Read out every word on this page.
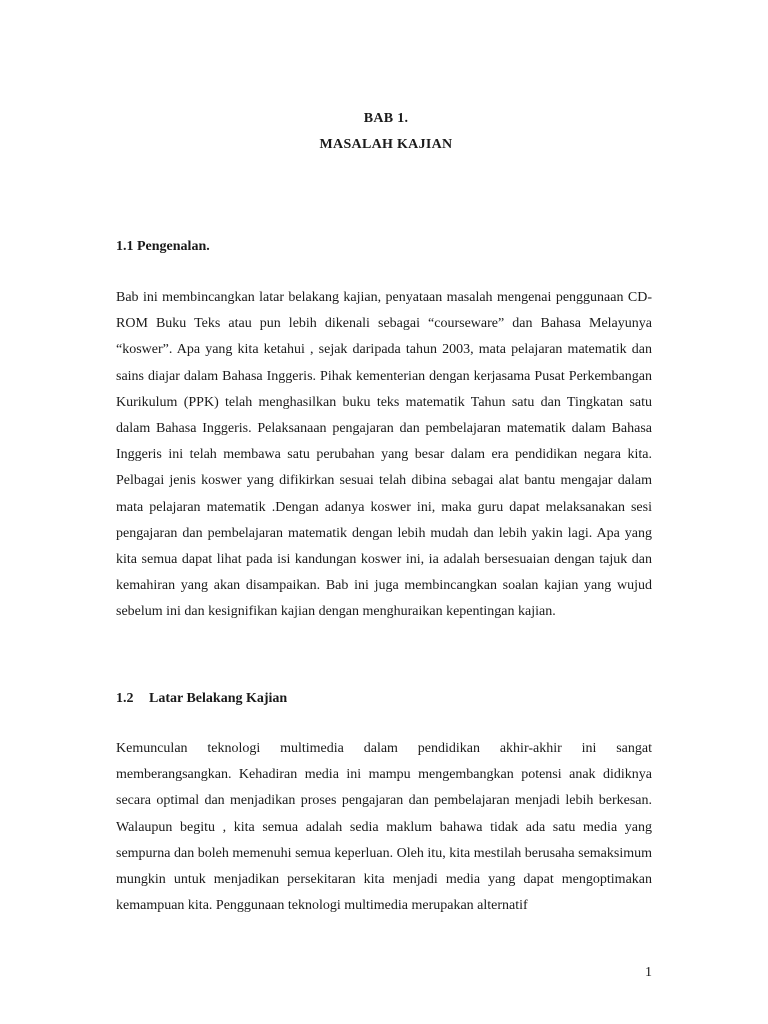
BAB 1.
MASALAH KAJIAN
1.1 Pengenalan.

Bab ini membincangkan latar belakang kajian, penyataan masalah mengenai penggunaan CD-ROM Buku Teks atau pun lebih dikenali sebagai “courseware” dan Bahasa Melayunya “koswer”. Apa yang kita ketahui , sejak daripada tahun 2003, mata pelajaran matematik dan sains diajar dalam Bahasa Inggeris. Pihak kementerian dengan kerjasama Pusat Perkembangan Kurikulum (PPK) telah menghasilkan buku teks matematik Tahun satu dan Tingkatan satu dalam Bahasa Inggeris. Pelaksanaan pengajaran dan pembelajaran matematik dalam Bahasa Inggeris ini telah membawa satu perubahan yang besar dalam era pendidikan negara kita. Pelbagai jenis koswer yang difikirkan sesuai telah dibina sebagai alat bantu mengajar dalam mata pelajaran matematik .Dengan adanya koswer ini, maka guru dapat melaksanakan sesi pengajaran dan pembelajaran matematik dengan lebih mudah dan lebih yakin lagi. Apa yang kita semua dapat lihat pada isi kandungan koswer ini, ia adalah bersesuaian dengan tajuk dan kemahiran yang akan disampaikan. Bab ini juga membincangkan soalan kajian yang wujud sebelum ini dan kesignifikan kajian dengan menghuraikan kepentingan kajian.

1.2 Latar Belakang Kajian

Kemunculan teknologi multimedia dalam pendidikan akhir-akhir ini sangat memberangsangkan. Kehadiran media ini mampu mengembangkan potensi anak didiknya secara optimal dan menjadikan proses pengajaran dan pembelajaran menjadi lebih berkesan. Walaupun begitu , kita semua adalah sedia maklum bahawa tidak ada satu media yang sempurna dan boleh memenuhi semua keperluan. Oleh itu, kita mestilah berusaha semaksimum mungkin untuk menjadikan persekitaran kita menjadi media yang dapat mengoptimakan kemampuan kita. Penggunaan teknologi multimedia merupakan alternatif

1
